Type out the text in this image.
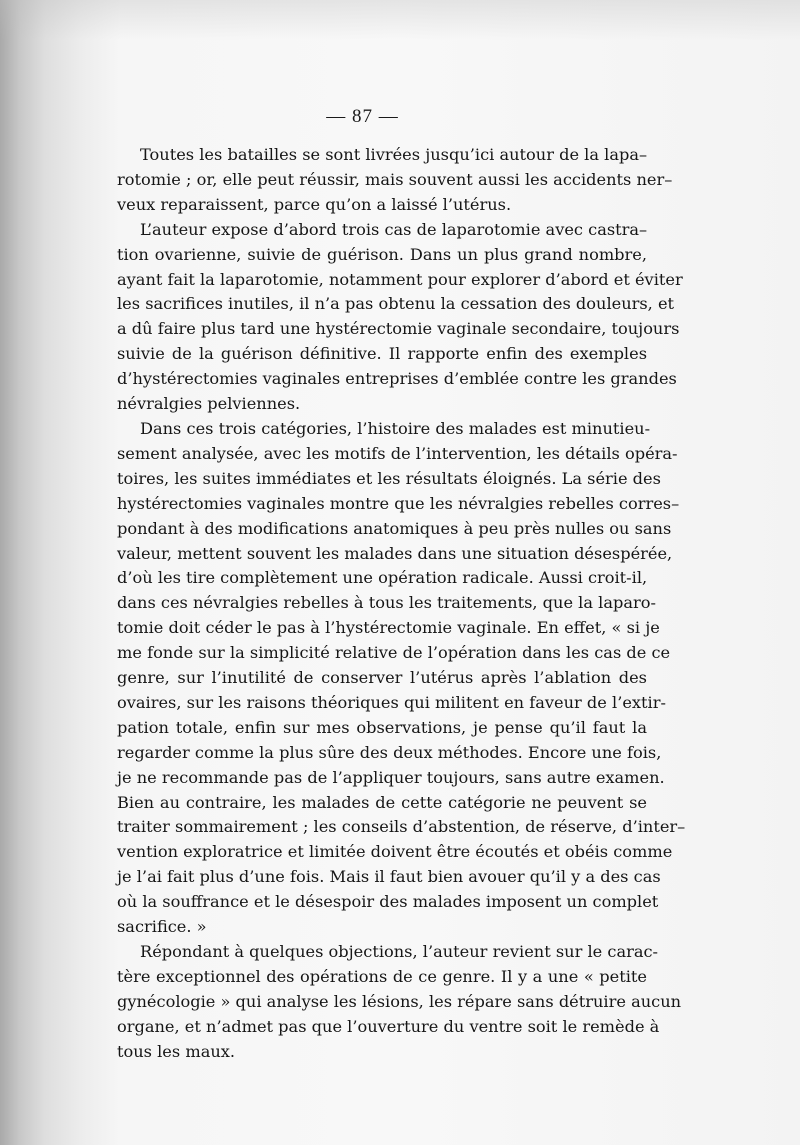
— 87 —

Toutes les batailles se sont livrées jusqu’ici autour de la lapa–
rotomie ; or, elle peut réussir, mais souvent aussi les accidents ner–
veux reparaissent, parce qu’on a laissé l’utérus.

L’auteur expose d’abord trois cas de laparotomie avec castra–
tion ovarienne, suivie de guérison. Dans un plus grand nombre,
ayant fait la laparotomie, notamment pour explorer d’abord et éviter
les sacrifices inutiles, il n’a pas obtenu la cessation des douleurs, et
a dû faire plus tard une hystérectomie vaginale secondaire, toujours
suivie de la guérison définitive. Il rapporte enfin des exemples
d’hystérectomies vaginales entreprises d’emblée contre les grandes
névralgies pelviennes.

Dans ces trois catégories, l’histoire des malades est minutieu-
sement analysée, avec les motifs de l’intervention, les détails opéra-
toires, les suites immédiates et les résultats éloignés. La série des
hystérectomies vaginales montre que les névralgies rebelles corres–
pondant à des modifications anatomiques à peu près nulles ou sans
valeur, mettent souvent les malades dans une situation désespérée,
d’où les tire complètement une opération radicale. Aussi croit-il,
dans ces névralgies rebelles à tous les traitements, que la laparo-
tomie doit céder le pas à l’hystérectomie vaginale. En effet, « si je
me fonde sur la simplicité relative de l’opération dans les cas de ce
genre, sur l’inutilité de conserver l’utérus après l’ablation des
ovaires, sur les raisons théoriques qui militent en faveur de l’extir-
pation totale, enfin sur mes observations, je pense qu’il faut la
regarder comme la plus sûre des deux méthodes. Encore une fois,
je ne recommande pas de l’appliquer toujours, sans autre examen.
Bien au contraire, les malades de cette catégorie ne peuvent se
traiter sommairement ; les conseils d’abstention, de réserve, d’inter–
vention exploratrice et limitée doivent être écoutés et obéis comme
je l’ai fait plus d’une fois. Mais il faut bien avouer qu’il y a des cas
où la souffrance et le désespoir des malades imposent un complet
sacrifice. »

Répondant à quelques objections, l’auteur revient sur le carac-
tère exceptionnel des opérations de ce genre. Il y a une « petite
gynécologie » qui analyse les lésions, les répare sans détruire aucun
organe, et n’admet pas que l’ouverture du ventre soit le remède à
tous les maux.
